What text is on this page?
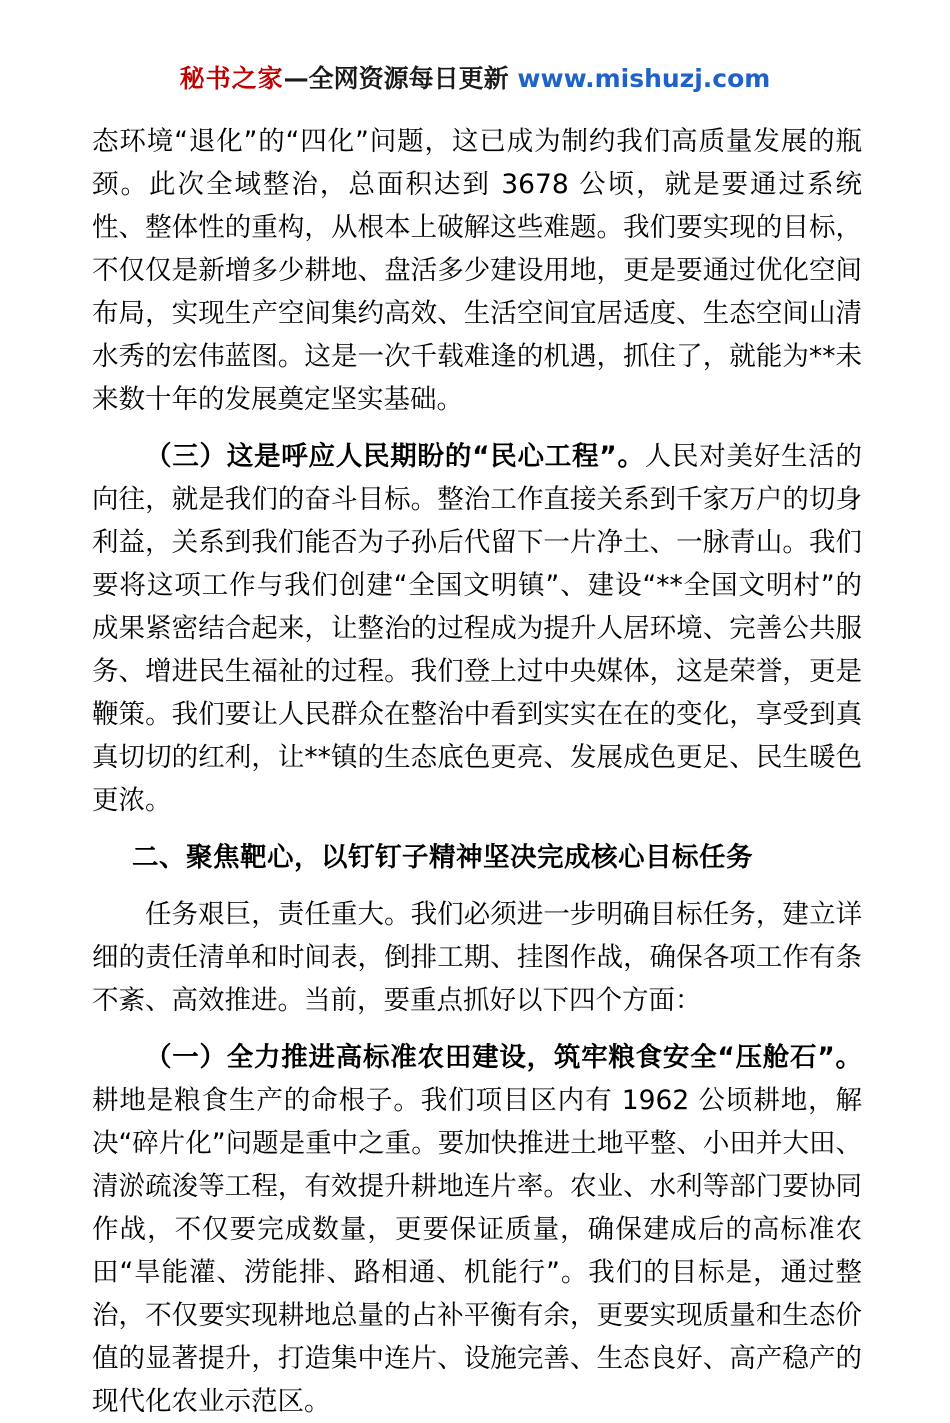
秘书之家—全网资源每日更新 www.mishuzj.com

态环境“退化”的“四化”问题，这已成为制约我们高质量发展的瓶颈。此次全域整治，总面积达到 3678 公顷，就是要通过系统性、整体性的重构，从根本上破解这些难题。我们要实现的目标，不仅仅是新增多少耕地、盘活多少建设用地，更是要通过优化空间布局，实现生产空间集约高效、生活空间宜居适度、生态空间山清水秀的宏伟蓝图。这是一次千载难逢的机遇，抓住了，就能为**未来数十年的发展奠定坚实基础。

（三）这是呼应人民期盼的“民心工程”。人民对美好生活的向往，就是我们的奋斗目标。整治工作直接关系到千家万户的切身利益，关系到我们能否为子孙后代留下一片净土、一脉青山。我们要将这项工作与我们创建“全国文明镇”、建设“**全国文明村”的成果紧密结合起来，让整治的过程成为提升人居环境、完善公共服务、增进民生福祉的过程。我们登上过中央媒体，这是荣誉，更是鞭策。我们要让人民群众在整治中看到实实在在的变化，享受到真真切切的红利，让**镇的生态底色更亮、发展成色更足、民生暖色更浓。

二、聚焦靶心，以钉钉子精神坚决完成核心目标任务

任务艰巨，责任重大。我们必须进一步明确目标任务，建立详细的责任清单和时间表，倒排工期、挂图作战，确保各项工作有条不紊、高效推进。当前，要重点抓好以下四个方面：

（一）全力推进高标准农田建设，筑牢粮食安全“压舱石”。耕地是粮食生产的命根子。我们项目区内有 1962 公顷耕地，解决“碎片化”问题是重中之重。要加快推进土地平整、小田并大田、清淤疏浚等工程，有效提升耕地连片率。农业、水利等部门要协同作战，不仅要完成数量，更要保证质量，确保建成后的高标准农田“旱能灌、涝能排、路相通、机能行”。我们的目标是，通过整治，不仅要实现耕地总量的占补平衡有余，更要实现质量和生态价值的显著提升，打造集中连片、设施完善、生态良好、高产稳产的现代化农业示范区。
